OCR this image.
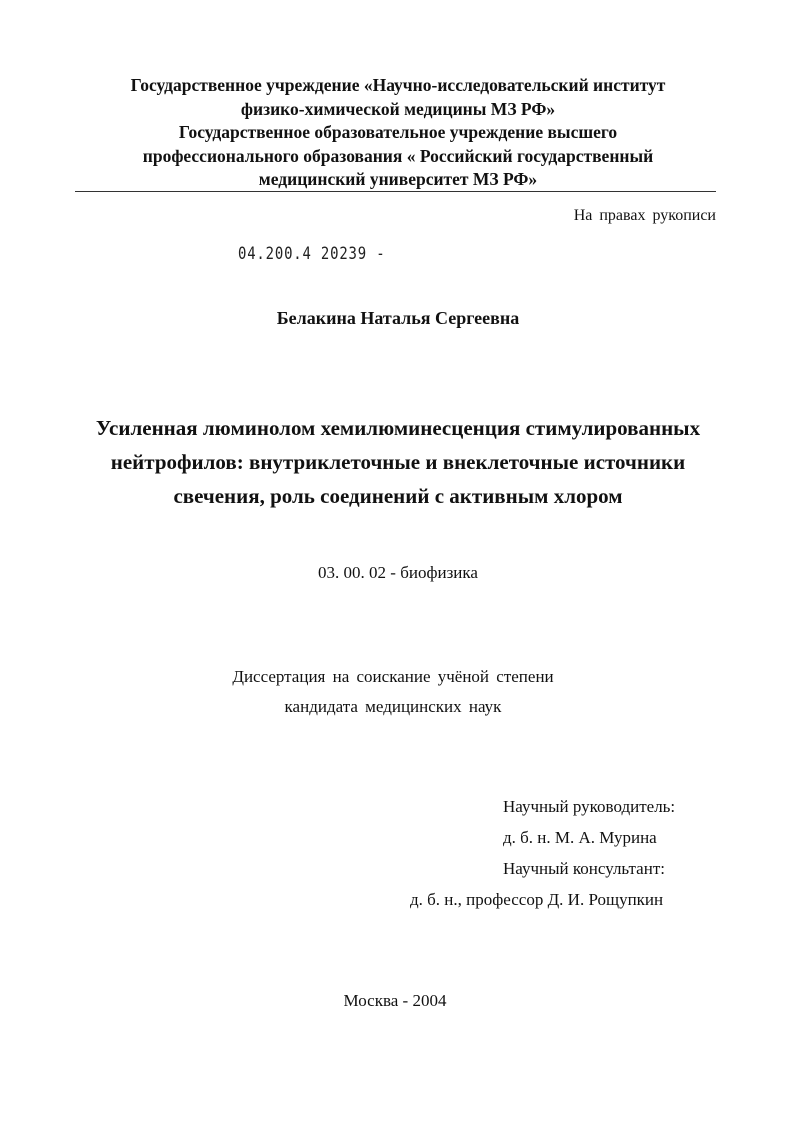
Государственное учреждение «Научно-исследовательский институт
физико-химической медицины МЗ РФ»
Государственное образовательное учреждение высшего
профессионального образования « Российский государственный
медицинский университет МЗ РФ»
На правах рукописи
04.200.4 20239 -
Белакина Наталья Сергеевна
Усиленная люминолом хемилюминесценция стимулированных
нейтрофилов: внутриклеточные и внеклеточные источники
свечения, роль соединений с активным хлором
03. 00. 02 - биофизика
Диссертация на соискание учёной степени
кандидата медицинских наук
Научный руководитель:
д. б. н. М. А. Мурина
Научный консультант:
д. б. н., профессор Д. И. Рощупкин
Москва - 2004
